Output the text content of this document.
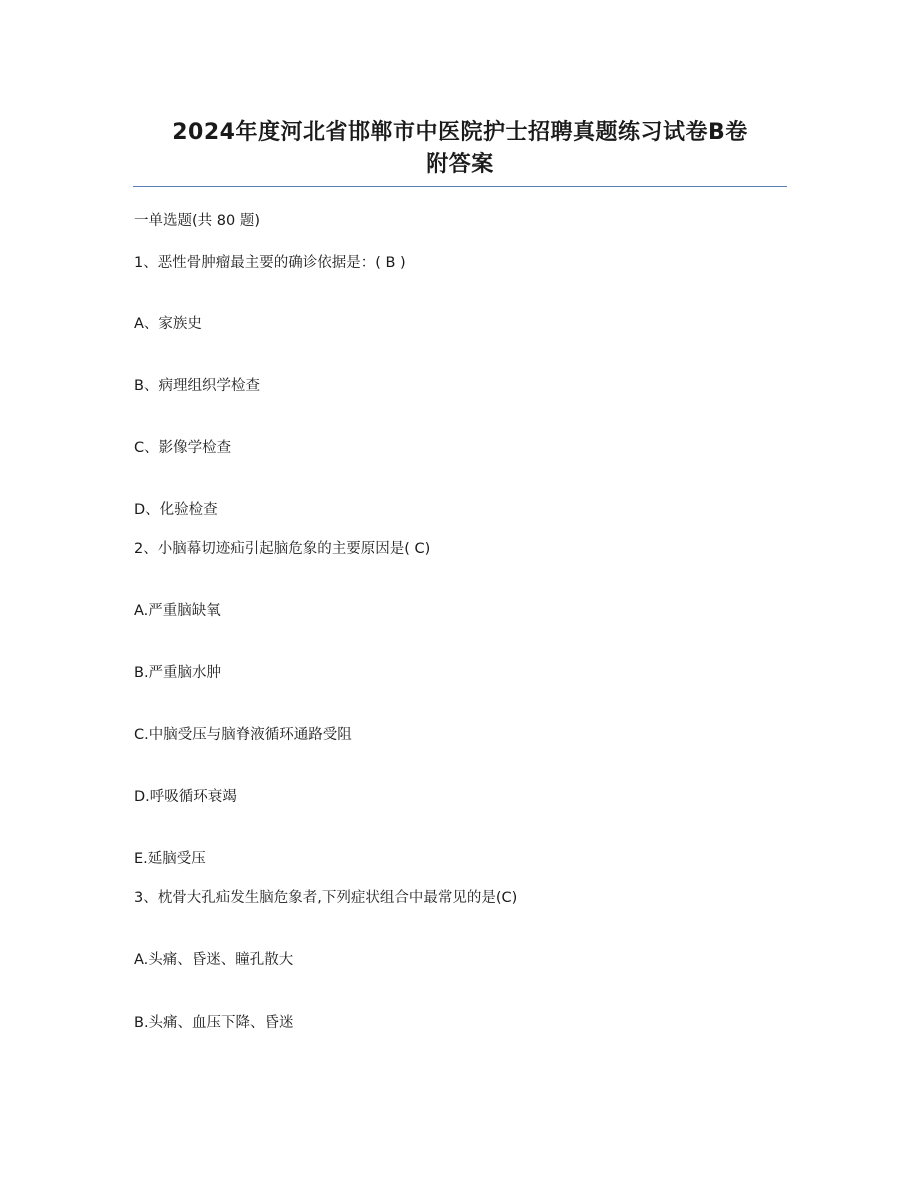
2024年度河北省邯郸市中医院护士招聘真题练习试卷B卷
附答案
一单选题(共 80 题)
1、恶性骨肿瘤最主要的确诊依据是：( B )
A、家族史
B、病理组织学检查
C、影像学检查
D、化验检查
2、小脑幕切迹疝引起脑危象的主要原因是( C)
A.严重脑缺氧
B.严重脑水肿
C.中脑受压与脑脊液循环通路受阻
D.呼吸循环衰竭
E.延脑受压
3、枕骨大孔疝发生脑危象者,下列症状组合中最常见的是(C)
A.头痛、昏迷、瞳孔散大
B.头痛、血压下降、昏迷
